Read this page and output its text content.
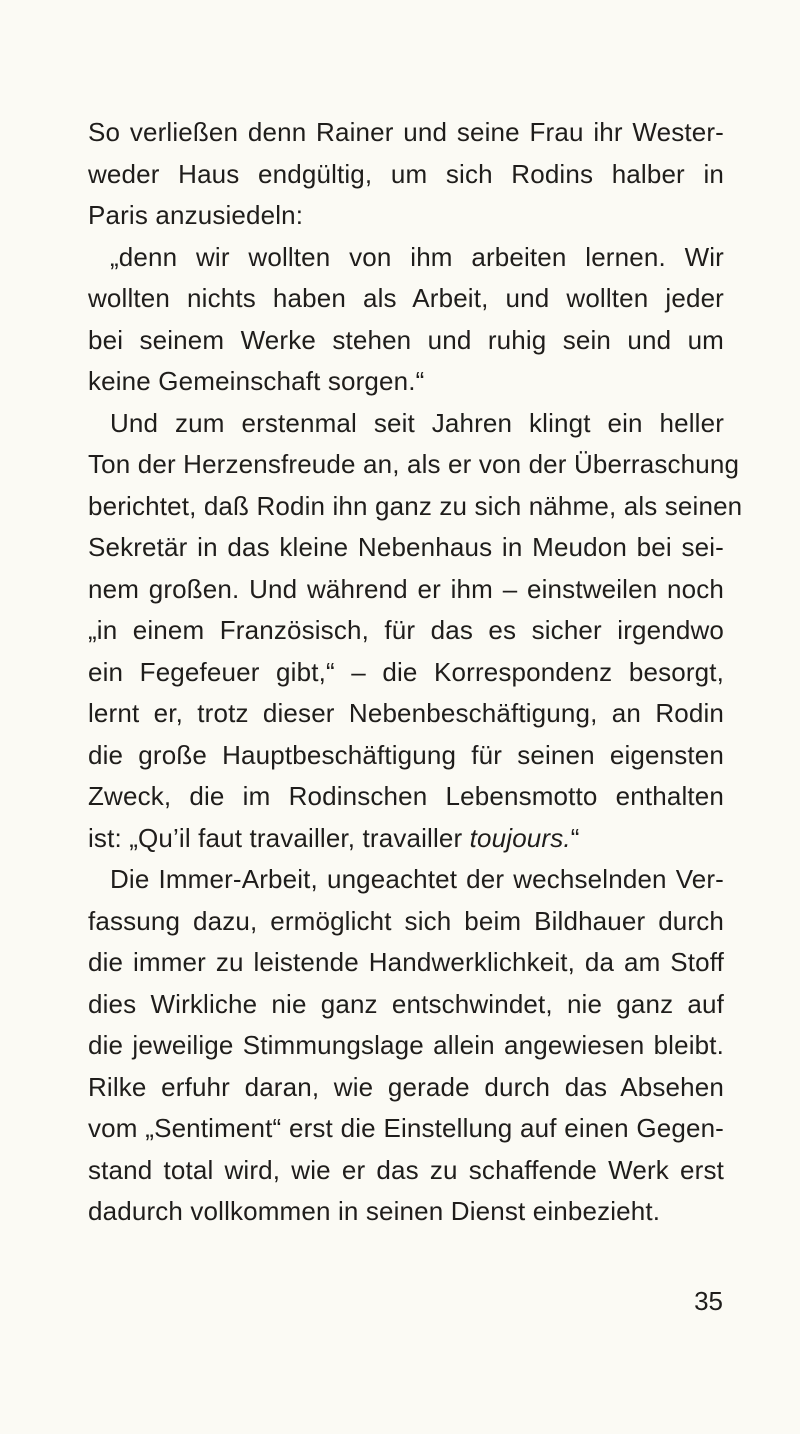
So verließen denn Rainer und seine Frau ihr Wester-
weder Haus endgültig, um sich Rodins halber in
Paris anzusiedeln:
„denn wir wollten von ihm arbeiten lernen. Wir
wollten nichts haben als Arbeit, und wollten jeder
bei seinem Werke stehen und ruhig sein und um
keine Gemeinschaft sorgen.“
Und zum erstenmal seit Jahren klingt ein heller
Ton der Herzensfreude an, als er von der Überraschung
berichtet, daß Rodin ihn ganz zu sich nähme, als seinen
Sekretär in das kleine Nebenhaus in Meudon bei sei-
nem großen. Und während er ihm – einstweilen noch
„in einem Französisch, für das es sicher irgendwo
ein Fegefeuer gibt,“ – die Korrespondenz besorgt,
lernt er, trotz dieser Nebenbeschäftigung, an Rodin
die große Hauptbeschäftigung für seinen eigensten
Zweck, die im Rodinschen Lebensmotto enthalten
ist: „Qu’il faut travailler, travailler toujours.“
Die Immer-Arbeit, ungeachtet der wechselnden Ver-
fassung dazu, ermöglicht sich beim Bildhauer durch
die immer zu leistende Handwerklichkeit, da am Stoff
dies Wirkliche nie ganz entschwindet, nie ganz auf
die jeweilige Stimmungslage allein angewiesen bleibt.
Rilke erfuhr daran, wie gerade durch das Absehen
vom „Sentiment“ erst die Einstellung auf einen Gegen-
stand total wird, wie er das zu schaffende Werk erst
dadurch vollkommen in seinen Dienst einbezieht.
35
